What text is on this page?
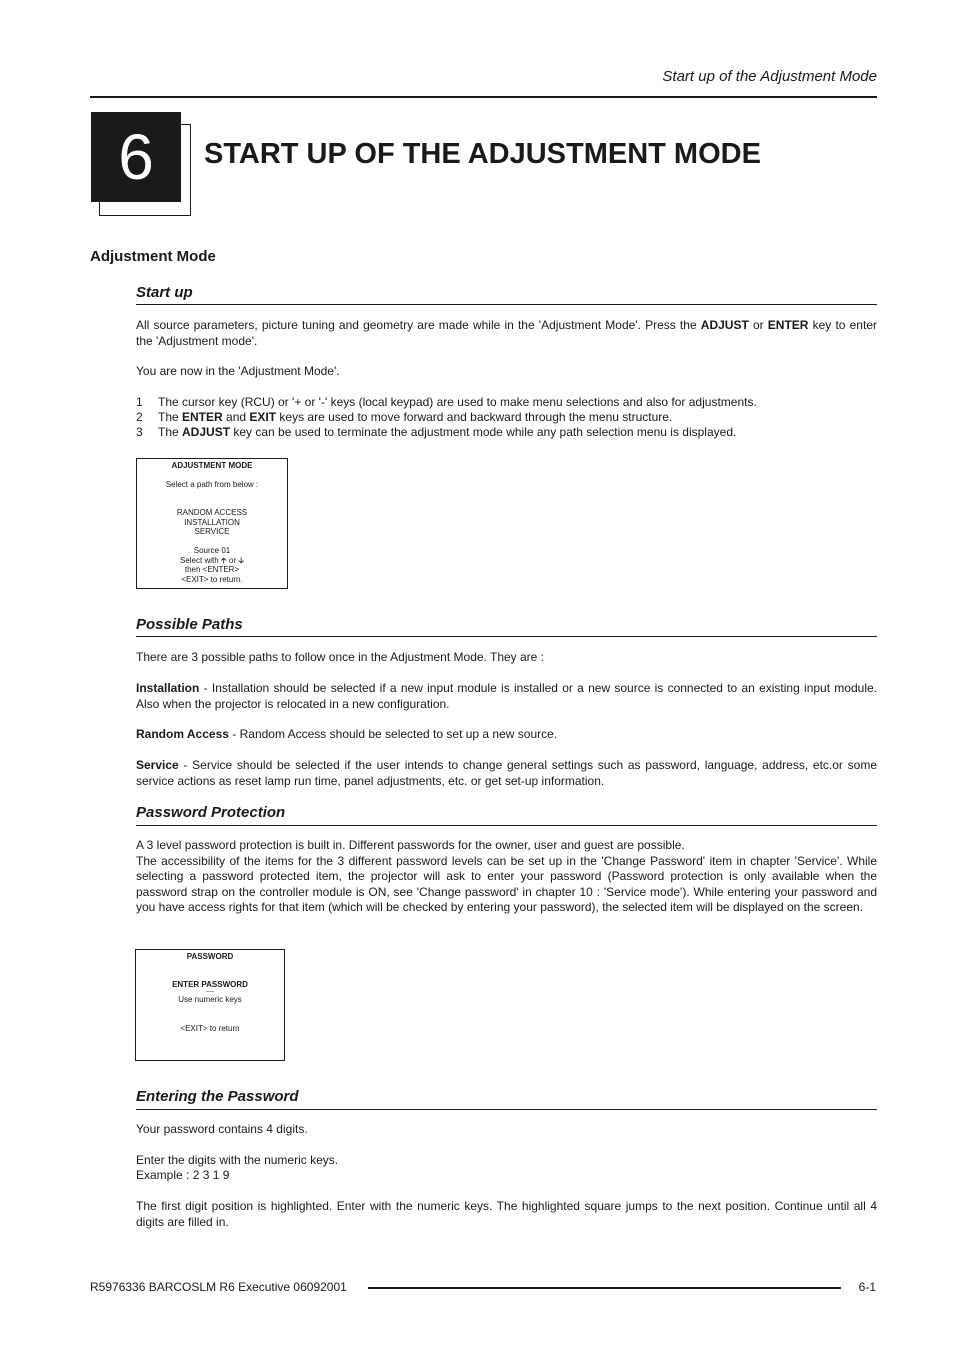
Start up of the Adjustment Mode
6	START UP OF THE ADJUSTMENT MODE
Adjustment Mode
Start up
All source parameters, picture tuning and geometry are made while in the 'Adjustment Mode'. Press the ADJUST or ENTER key to enter the 'Adjustment mode'.
You are now in the 'Adjustment Mode'.
1	The cursor key (RCU) or '+ or '-' keys (local keypad) are used to make menu selections and also for adjustments.
2	The ENTER and EXIT keys are used to move forward and backward through the menu structure.
3	The ADJUST key can be used to terminate the adjustment mode while any path selection menu is displayed.
ADJUSTMENT MODE
Select a path from below :
RANDOM ACCESS
INSTALLATION
SERVICE
Source 01
Select with 🡡 or 🡣
then <ENTER>
<EXIT> to return.
Possible Paths
There are 3 possible paths to follow once in the Adjustment Mode. They are :
Installation - Installation should be selected if a new input module is installed or a new source is connected to an existing input module. Also when the projector is relocated in a new configuration.
Random Access - Random Access should be selected to set up a new source.
Service - Service should be selected if the user intends to change general settings such as password, language, address, etc.or some service actions as reset lamp run time, panel adjustments, etc. or get set-up information.
Password Protection
A 3 level password protection is built in. Different passwords for the owner, user and guest are possible.
The accessibility of the items for the 3 different password levels can be set up in the 'Change Password' item in chapter 'Service'. While selecting a password protected item, the projector will ask to enter your password (Password protection is only available when the password strap on the controller module is ON, see 'Change password' in chapter 10 : 'Service mode'). While entering your password and you have access rights for that item (which will be checked by entering your password), the selected item will be displayed on the screen.
PASSWORD
ENTER PASSWORD
----
Use numeric keys
<EXIT> to return
Entering the Password
Your password contains 4 digits.
Enter the digits with the numeric keys.
Example : 2 3 1 9
The first digit position is highlighted. Enter with the numeric keys. The highlighted square jumps to the next position. Continue until all 4 digits are filled in.
R5976336 BARCOSLM R6 Executive 06092001	6-1
